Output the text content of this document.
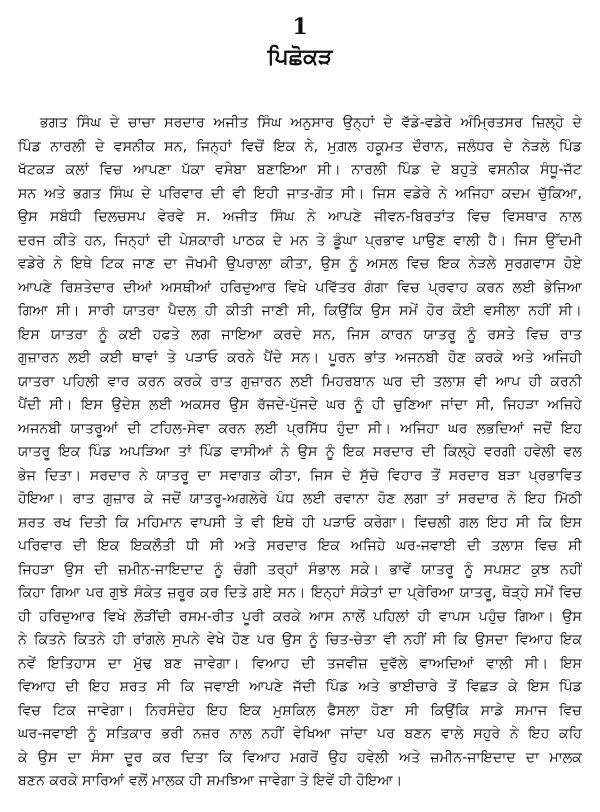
1
ਪਿਛੋਕੜ
ਭਗਤ ਸਿੰਘ ਦੇ ਚਾਚਾ ਸਰਦਾਰ ਅਜੀਤ ਸਿੰਘ ਅਨੁਸਾਰ ਉਨ੍ਹਾਂ ਦੇ ਵੱਡੇ-ਵਡੇਰੇ ਅੰਮ੍ਰਿਤਸਰ ਜ਼ਿਲ੍ਹੇ ਦੇ
ਪਿੰਡ ਨਾਰਲੀ ਦੇ ਵਸਨੀਕ ਸਨ, ਜਿਨ੍ਹਾਂ ਵਿਚੋਂ ਇਕ ਨੇ, ਮੁਗ਼ਲ ਹਕੂਮਤ ਦੌਰਾਨ, ਜਲੰਧਰ ਦੇ ਨੇੜਲੇ ਪਿੰਡ
ਖੱਟਕੜ ਕਲਾਂ ਵਿਚ ਆਪਣਾ ਪੱਕਾ ਵਸੇਬਾ ਬਣਾਇਆ ਸੀ। ਨਾਰਲੀ ਪਿੰਡ ਦੇ ਬਹੁਤੇ ਵਸਨੀਕ ਸੰਧੂ-ਜੱਟ
ਸਨ ਅਤੇ ਭਗਤ ਸਿੰਘ ਦੇ ਪਰਿਵਾਰ ਦੀ ਵੀ ਇਹੀ ਜਾਤ-ਗੋਤ ਸੀ। ਜਿਸ ਵਡੇਰੇ ਨੇ ਅਜਿਹਾ ਕਦਮ ਚੁੱਕਿਆ,
ਉਸ ਸਬੰਧੀ ਦਿਲਚਸਪ ਵੇਰਵੇ ਸ. ਅਜੀਤ ਸਿੰਘ ਨੇ ਆਪਣੇ ਜੀਵਨ-ਬਿਰਤਾਂਤ ਵਿਚ ਵਿਸਥਾਰ ਨਾਲ
ਦਰਜ ਕੀਤੇ ਹਨ, ਜਿਨ੍ਹਾਂ ਦੀ ਪੇਸ਼ਕਾਰੀ ਪਾਠਕ ਦੇ ਮਨ ਤੇ ਡੂੰਘਾ ਪ੍ਰਭਾਵ ਪਾਉਣ ਵਾਲੀ ਹੈ। ਜਿਸ ਉੱਦਮੀ
ਵਡੇਰੇ ਨੇ ਇਥੇ ਟਿਕ ਜਾਣ ਦਾ ਜੋਖਮੀ ਉਪਰਾਲਾ ਕੀਤਾ, ਉਸ ਨੂੰ ਅਸਲ ਵਿਚ ਇਕ ਨੇੜਲੇ ਸੁਰਗਵਾਸ ਹੋਏ
ਆਪਣੇ ਰਿਸ਼ਤੇਦਾਰ ਦੀਆਂ ਅਸਥੀਆਂ ਹਰਿਦੁਆਰ ਵਿਖੇ ਪਵਿੱਤਰ ਗੰਗਾ ਵਿਚ ਪ੍ਰਵਾਹ ਕਰਨ ਲਈ ਭੇਜਿਆ
ਗਿਆ ਸੀ। ਸਾਰੀ ਯਾਤਰਾ ਪੈਦਲ ਹੀ ਕੀਤੀ ਜਾਣੀ ਸੀ, ਕਿਉਂਕਿ ਉਸ ਸਮੇਂ ਹੋਰ ਕੋਈ ਵਸੀਲਾ ਨਹੀਂ ਸੀ।
ਇਸ ਯਾਤਰਾ ਨੂੰ ਕਈ ਹਫਤੇ ਲਗ ਜਾਇਆ ਕਰਦੇ ਸਨ, ਜਿਸ ਕਾਰਨ ਯਾਤਰੂ ਨੂੰ ਰਸਤੇ ਵਿਚ ਰਾਤ
ਗੁਜ਼ਾਰਨ ਲਈ ਕਈ ਥਾਵਾਂ ਤੇ ਪੜਾਓ ਕਰਨੇ ਪੈਂਦੇ ਸਨ। ਪੂਰਨ ਭਾਂਤ ਅਜਨਬੀ ਹੋਣ ਕਰਕੇ ਅਤੇ ਅਜਿਹੀ
ਯਾਤਰਾ ਪਹਿਲੀ ਵਾਰ ਕਰਨ ਕਰਕੇ ਰਾਤ ਗੁਜ਼ਾਰਨ ਲਈ ਮਿਹਰਬਾਨ ਘਰ ਦੀ ਤਲਾਸ਼ ਵੀ ਆਪ ਹੀ ਕਰਨੀ
ਪੈਂਦੀ ਸੀ। ਇਸ ਉਦੇਸ਼ ਲਈ ਅਕਸਰ ਉਸ ਰੱਜਦੇ-ਪੁੱਜਦੇ ਘਰ ਨੂੰ ਹੀ ਚੁਣਿਆ ਜਾਂਦਾ ਸੀ, ਜਿਹੜਾ ਅਜਿਹੇ
ਅਜਨਬੀ ਯਾਤਰੂਆਂ ਦੀ ਟਹਿਲ-ਸੇਵਾ ਕਰਨ ਲਈ ਪ੍ਰਸਿੱਧ ਹੁੰਦਾ ਸੀ। ਅਜਿਹਾ ਘਰ ਲਭਦਿਆਂ ਜਦੋਂ ਇਹ
ਯਾਤਰੂ ਇਕ ਪਿੰਡ ਅਪੜਿਆ ਤਾਂ ਪਿੰਡ ਵਾਸੀਆਂ ਨੇ ਉਸ ਨੂੰ ਇਕ ਸਰਦਾਰ ਦੀ ਕਿਲ੍ਹੇ ਵਰਗੀ ਹਵੇਲੀ ਵਲ
ਭੇਜ ਦਿਤਾ। ਸਰਦਾਰ ਨੇ ਯਾਤਰੂ ਦਾ ਸਵਾਗਤ ਕੀਤਾ, ਜਿਸ ਦੇ ਸੁੱਚੇ ਵਿਹਾਰ ਤੋਂ ਸਰਦਾਰ ਬੜਾ ਪ੍ਰਭਾਵਿਤ
ਹੋਇਆ। ਰਾਤ ਗੁਜ਼ਾਰ ਕੇ ਜਦੋਂ ਯਾਤਰੂ-ਅਗਲੇਰੇ ਪੰਧ ਲਈ ਰਵਾਨਾ ਹੋਣ ਲਗਾ ਤਾਂ ਸਰਦਾਰ ਨੇ ਇਹ ਮਿੱਠੀ
ਸ਼ਰਤ ਰਖ ਦਿਤੀ ਕਿ ਮਹਿਮਾਨ ਵਾਪਸੀ ਤੇ ਵੀ ਇਥੇ ਹੀ ਪੜਾਓ ਕਰੇਗਾ। ਵਿਚਲੀ ਗਲ ਇਹ ਸੀ ਕਿ ਇਸ
ਪਰਿਵਾਰ ਦੀ ਇਕ ਇਕਲੌਤੀ ਧੀ ਸੀ ਅਤੇ ਸਰਦਾਰ ਇਕ ਅਜਿਹੇ ਘਰ-ਜਵਾਈ ਦੀ ਤਲਾਸ਼ ਵਿਚ ਸੀ
ਜਿਹੜਾ ਉਸ ਦੀ ਜ਼ਮੀਨ-ਜਾਇਦਾਦ ਨੂੰ ਚੰਗੀ ਤਰ੍ਹਾਂ ਸੰਭਾਲ ਸਕੇ। ਭਾਵੇਂ ਯਾਤਰੂ ਨੂੰ ਸਪਸ਼ਟ ਕੁਝ ਨਹੀਂ
ਕਿਹਾ ਗਿਆ ਪਰ ਗੁਝੇ ਸੰਕੇਤ ਜ਼ਰੂਰ ਕਰ ਦਿਤੇ ਗਏ ਸਨ। ਇਨ੍ਹਾਂ ਸੰਕੇਤਾਂ ਦਾ ਪ੍ਰੇਰਿਆ ਯਾਤਰੂ, ਥੋੜ੍ਹੇ ਸਮੇਂ ਵਿਚ
ਹੀ ਹਰਿਦੁਆਰ ਵਿਖੇ ਲੋੜੀਂਦੀ ਰਸਮ-ਰੀਤ ਪੂਰੀ ਕਰਕੇ ਆਸ ਨਾਲੋਂ ਪਹਿਲਾਂ ਹੀ ਵਾਪਸ ਪਹੁੰਚ ਗਿਆ। ਉਸ
ਨੇ ਕਿਤਨੇ ਕਿਤਨੇ ਹੀ ਰਾਂਗਲੇ ਸੁਪਨੇ ਵੇਖੇ ਹੋਣ ਪਰ ਉਸ ਨੂੰ ਚਿਤ-ਚੇਤਾ ਵੀ ਨਹੀਂ ਸੀ ਕਿ ਉਸਦਾ ਵਿਆਹ ਇਕ
ਨਵੇਂ ਇਤਿਹਾਸ ਦਾ ਮੁੱਢ ਬਣ ਜਾਵੇਗਾ। ਵਿਆਹ ਦੀ ਤਜਵੀਜ਼ ਦੁਵੱਲੇ ਵਾਅਦਿਆਂ ਵਾਲੀ ਸੀ। ਇਸ
ਵਿਆਹ ਦੀ ਇਹ ਸ਼ਰਤ ਸੀ ਕਿ ਜਵਾਈ ਆਪਣੇ ਜੱਦੀ ਪਿੰਡ ਅਤੇ ਭਾਈਚਾਰੇ ਤੋਂ ਵਿਛੜ ਕੇ ਇਸ ਪਿੰਡ
ਵਿਚ ਟਿਕ ਜਾਵੇਗਾ। ਨਿਰਸੰਦੇਹ ਇਹ ਇਕ ਮੁਸ਼ਕਿਲ ਫੈਸਲਾ ਹੋਣਾ ਸੀ ਕਿਉਂਕਿ ਸਾਡੇ ਸਮਾਜ ਵਿਚ
ਘਰ-ਜਵਾਈ ਨੂੰ ਸਤਿਕਾਰ ਭਰੀ ਨਜ਼ਰ ਨਾਲ ਨਹੀਂ ਵੇਖਿਆ ਜਾਂਦਾ ਪਰ ਬਣਨ ਵਾਲੇ ਸਹੁਰੇ ਨੇ ਇਹ ਕਹਿ
ਕੇ ਉਸ ਦਾ ਸੰਸਾ ਦੂਰ ਕਰ ਦਿਤਾ ਕਿ ਵਿਆਹ ਮਗਰੋਂ ਉਹ ਹਵੇਲੀ ਅਤੇ ਜ਼ਮੀਨ-ਜਾਇਦਾਦ ਦਾ ਮਾਲਕ
ਬਣਨ ਕਰਕੇ ਸਾਰਿਆਂ ਵਲੋਂ ਮਾਲਕ ਹੀ ਸਮਝਿਆ ਜਾਵੇਗਾ ਤੇ ਇਵੇਂ ਹੀ ਹੋਇਆ।
